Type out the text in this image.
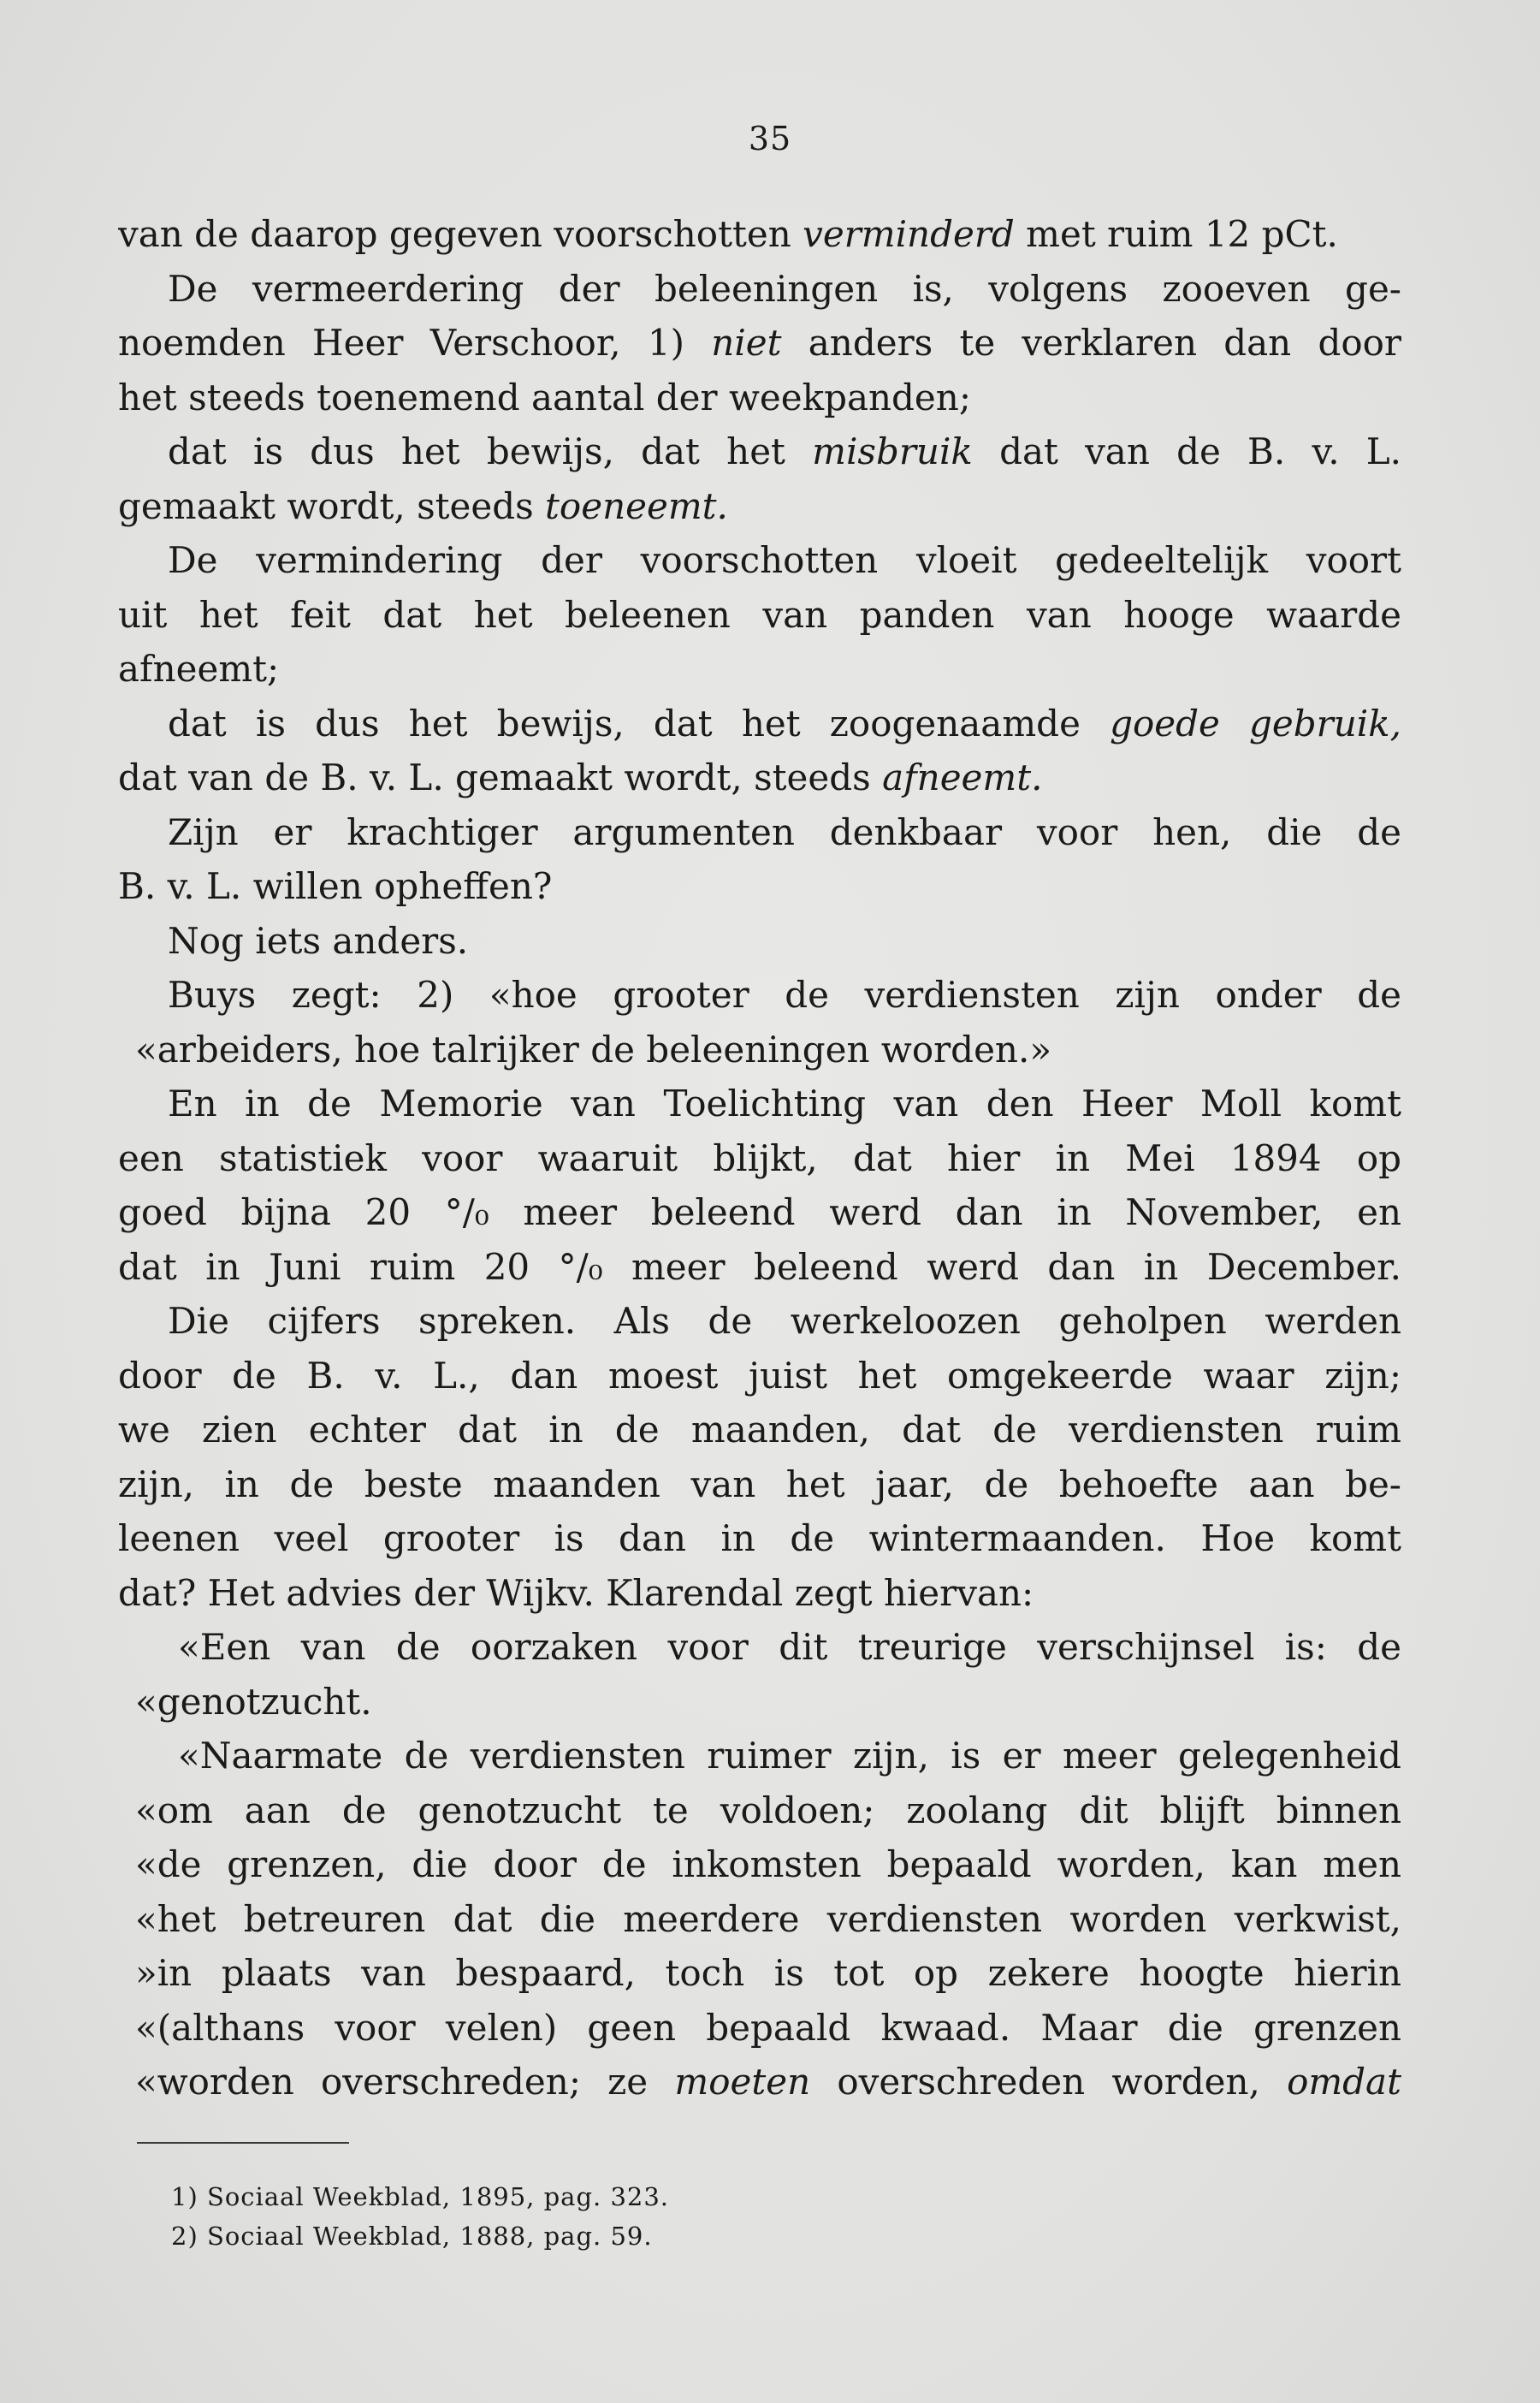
35
van de daarop gegeven voorschotten verminderd met ruim 12 pCt.
De vermeerdering der beleeningen is, volgens zooeven ge-
noemden Heer Verschoor, 1) niet anders te verklaren dan door
het steeds toenemend aantal der weekpanden;
dat is dus het bewijs, dat het misbruik dat van de B. v. L.
gemaakt wordt, steeds toeneemt.
De vermindering der voorschotten vloeit gedeeltelijk voort
uit het feit dat het beleenen van panden van hooge waarde
afneemt;
dat is dus het bewijs, dat het zoogenaamde goede gebruik,
dat van de B. v. L. gemaakt wordt, steeds afneemt.
Zijn er krachtiger argumenten denkbaar voor hen, die de
B. v. L. willen opheffen?
Nog iets anders.
Buys zegt: 2) «hoe grooter de verdiensten zijn onder de
«arbeiders, hoe talrijker de beleeningen worden.»
En in de Memorie van Toelichting van den Heer Moll komt
een statistiek voor waaruit blijkt, dat hier in Mei 1894 op
goed bijna 20 °/₀ meer beleend werd dan in November, en
dat in Juni ruim 20 °/₀ meer beleend werd dan in December.
Die cijfers spreken. Als de werkeloozen geholpen werden
door de B. v. L., dan moest juist het omgekeerde waar zijn;
we zien echter dat in de maanden, dat de verdiensten ruim
zijn, in de beste maanden van het jaar, de behoefte aan be-
leenen veel grooter is dan in de wintermaanden. Hoe komt
dat? Het advies der Wijkv. Klarendal zegt hiervan:
«Een van de oorzaken voor dit treurige verschijnsel is: de
«genotzucht.
«Naarmate de verdiensten ruimer zijn, is er meer gelegenheid
«om aan de genotzucht te voldoen; zoolang dit blijft binnen
«de grenzen, die door de inkomsten bepaald worden, kan men
«het betreuren dat die meerdere verdiensten worden verkwist,
»in plaats van bespaard, toch is tot op zekere hoogte hierin
«(althans voor velen) geen bepaald kwaad. Maar die grenzen
«worden overschreden; ze moeten overschreden worden, omdat
1) Sociaal Weekblad, 1895, pag. 323.
2) Sociaal Weekblad, 1888, pag. 59.
